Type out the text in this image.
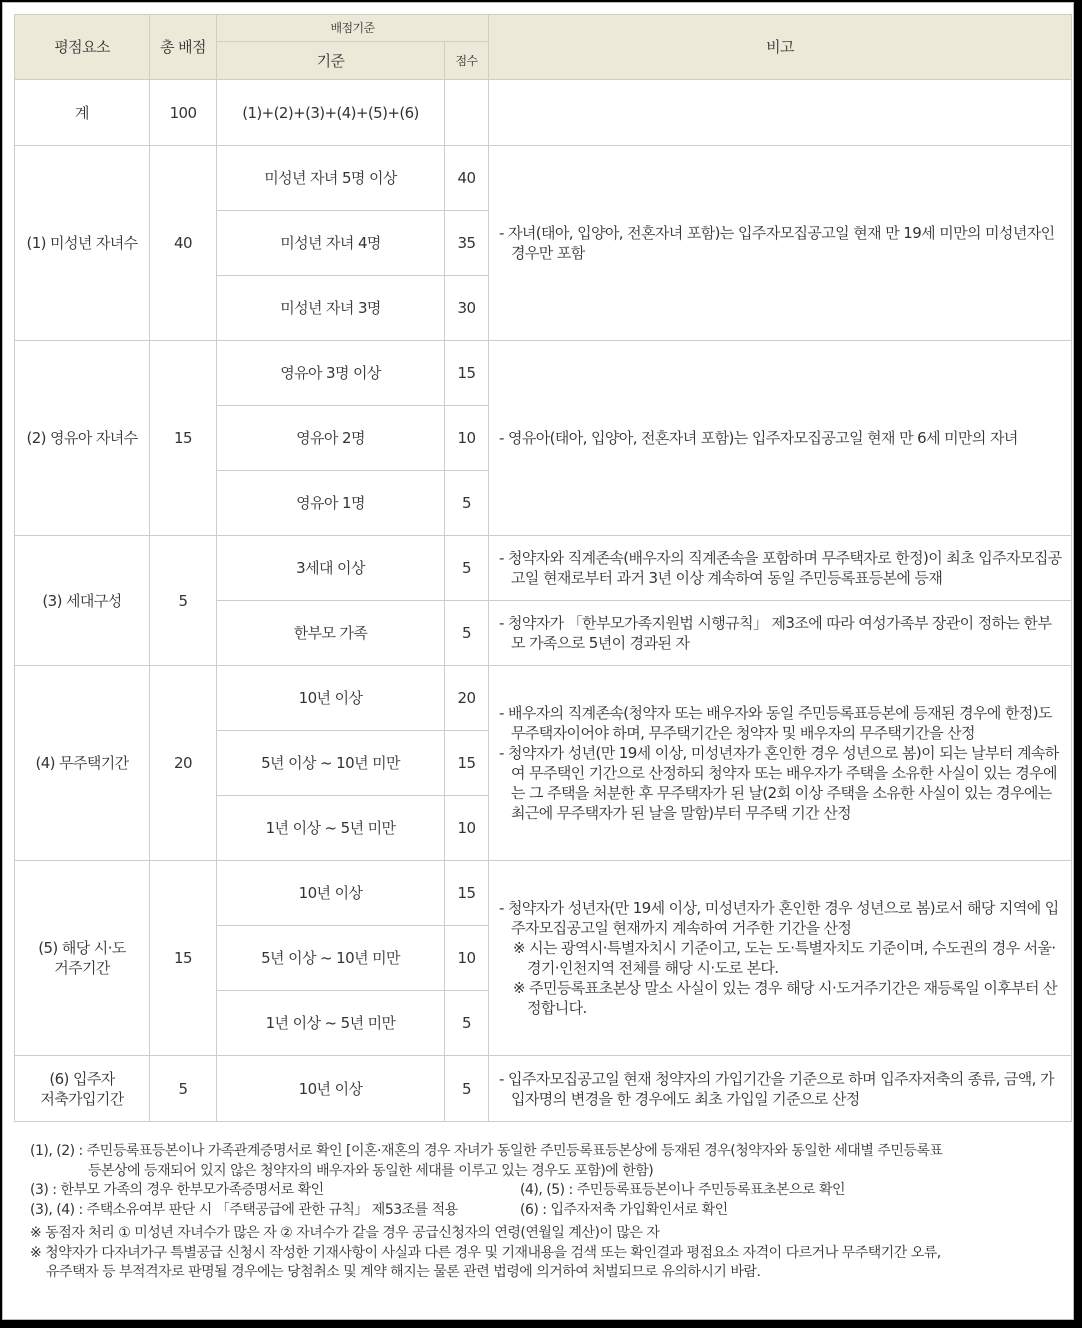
평점요소	총 배점	배점기준		비고
		기준	점수	
계	100	(1)+(2)+(3)+(4)+(5)+(6)		
(1) 미성년 자녀수	40	미성년 자녀 5명 이상	40	- 자녀(태아, 입양아, 전혼자녀 포함)는 입주자모집공고일 현재 만 19세 미만의 미성년자인 경우만 포함

		미성년 자녀 4명	35	
		미성년 자녀 3명	30	
(2) 영유아 자녀수	15	영유아 3명 이상	15	- 영유아(태아, 입양아, 전혼자녀 포함)는 입주자모집공고일 현재 만 6세 미만의 자녀

		영유아 2명	10	
		영유아 1명	5	
(3) 세대구성	5	3세대 이상	5	- 청약자와 직계존속(배우자의 직계존속을 포함하며 무주택자로 한정)이 최초 입주자모집공고일 현재로부터 과거 3년 이상 계속하여 동일 주민등록표등본에 등재

		한부모 가족	5	- 청약자가 「한부모가족지원법 시행규칙」 제3조에 따라 여성가족부 장관이 정하는 한부모 가족으로 5년이 경과된 자

(4) 무주택기간	20	10년 이상	20	- 배우자의 직계존속(청약자 또는 배우자와 동일 주민등록표등본에 등재된 경우에 한정)도 무주택자이어야 하며, 무주택기간은 청약자 및 배우자의 무주택기간을 산정
- 청약자가 성년(만 19세 이상, 미성년자가 혼인한 경우 성년으로 봄)이 되는 날부터 계속하여 무주택인 기간으로 산정하되 청약자 또는 배우자가 주택을 소유한 사실이 있는 경우에는 그 주택을 처분한 후 무주택자가 된 날(2회 이상 주택을 소유한 사실이 있는 경우에는 최근에 무주택자가 된 날을 말함)부터 무주택 기간 산정

		5년 이상 ~ 10년 미만	15	
		1년 이상 ~ 5년 미만	10	

(5) 해당 시·도
거주기간	15	10년 이상	15	- 청약자가 성년자(만 19세 이상, 미성년자가 혼인한 경우 성년으로 봄)로서 해당 지역에 입주자모집공고일 현재까지 계속하여 거주한 기간을 산정
※ 시는 광역시·특별자치시 기준이고, 도는 도·특별자치도 기준이며, 수도권의 경우 서울·경기·인천지역 전체를 해당 시·도로 본다.
※ 주민등록표초본상 말소 사실이 있는 경우 해당 시·도거주기간은 재등록일 이후부터 산정합니다.

		5년 이상 ~ 10년 미만	10	
		1년 이상 ~ 5년 미만	5	

(6) 입주자
저축가입기간	5	10년 이상	5	- 입주자모집공고일 현재 청약자의 가입기간을 기준으로 하며 입주자저축의 종류, 금액, 가입자명의 변경을 한 경우에도 최초 가입일 기준으로 산정
(1), (2) : 주민등록표등본이나 가족관계증명서로 확인 [이혼·재혼의 경우 자녀가 동일한 주민등록표등본상에 등재된 경우(청약자와 동일한 세대별 주민등록표
등본상에 등재되어 있지 않은 청약자의 배우자와 동일한 세대를 이루고 있는 경우도 포함)에 한함)
(3) : 한부모 가족의 경우 한부모가족증명서로 확인	(4), (5) : 주민등록표등본이나 주민등록표초본으로 확인
(3), (4) : 주택소유여부 판단 시 「주택공급에 관한 규칙」 제53조를 적용	(6) : 입주자저축 가입확인서로 확인
※ 동점자 처리 ① 미성년 자녀수가 많은 자 ② 자녀수가 같을 경우 공급신청자의 연령(연월일 계산)이 많은 자
※ 청약자가 다자녀가구 특별공급 신청시 작성한 기재사항이 사실과 다른 경우 및 기재내용을 검색 또는 확인결과 평점요소 자격이 다르거나 무주택기간 오류,
유주택자 등 부적격자로 판명될 경우에는 당첨취소 및 계약 해지는 물론 관련 법령에 의거하여 처벌되므로 유의하시기 바람.
